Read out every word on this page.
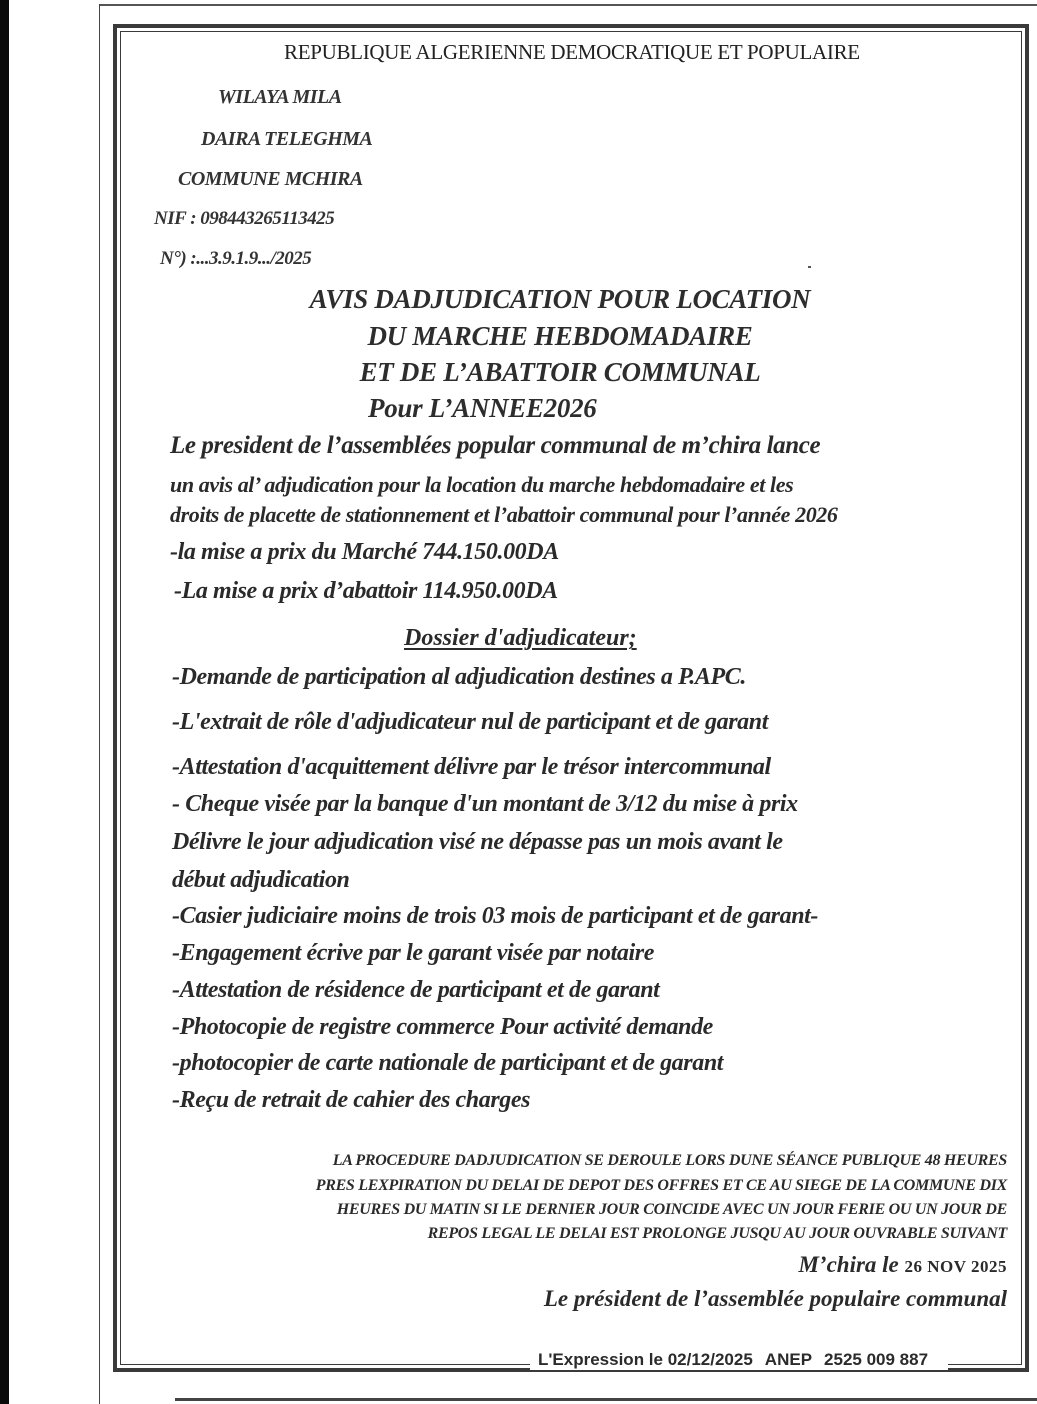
REPUBLIQUE ALGERIENNE DEMOCRATIQUE ET POPULAIRE
WILAYA MILA
DAIRA TELEGHMA
COMMUNE MCHIRA
NIF : 098443265113425
N°) :...3.9.1.9.../2025
AVIS DADJUDICATION POUR LOCATION
DU MARCHE HEBDOMADAIRE
ET DE L’ABATTOIR COMMUNAL
Pour L’ANNEE2026
Le president de l’assemblées popular communal de m’chira lance
un avis al’ adjudication pour la location du marche hebdomadaire et les
droits de placette de stationnement et l’abattoir communal pour l’année 2026
-la mise a prix du Marché 744.150.00DA
-La mise a prix d’abattoir 114.950.00DA
Dossier d'adjudicateur;
-Demande de participation al adjudication destines a P.APC.
-L'extrait de rôle d'adjudicateur nul de participant et de garant
-Attestation d'acquittement délivre par le trésor intercommunal
- Cheque visée par la banque d'un montant de 3/12 du mise à prix
Délivre le jour adjudication visé ne dépasse pas un mois avant le
début adjudication
-Casier judiciaire moins de trois 03 mois de participant et de garant-
-Engagement écrive par le garant visée par notaire
-Attestation de résidence de participant et de garant
-Photocopie de registre commerce Pour activité demande
-photocopier de carte nationale de participant et de garant
-Reçu de retrait de cahier des charges
LA PROCEDURE DADJUDICATION SE DEROULE LORS DUNE SÉANCE PUBLIQUE 48 HEURES
PRES LEXPIRATION DU DELAI DE DEPOT DES OFFRES ET CE AU SIEGE DE LA COMMUNE DIX
HEURES DU MATIN SI LE DERNIER JOUR COINCIDE AVEC UN JOUR FERIE OU UN JOUR DE
REPOS LEGAL LE DELAI EST PROLONGE JUSQU AU JOUR OUVRABLE SUIVANT
M’chira le 26 NOV 2025
Le président de l’assemblée populaire communal
L'Expression le 02/12/2025 ANEP 2525 009 887
